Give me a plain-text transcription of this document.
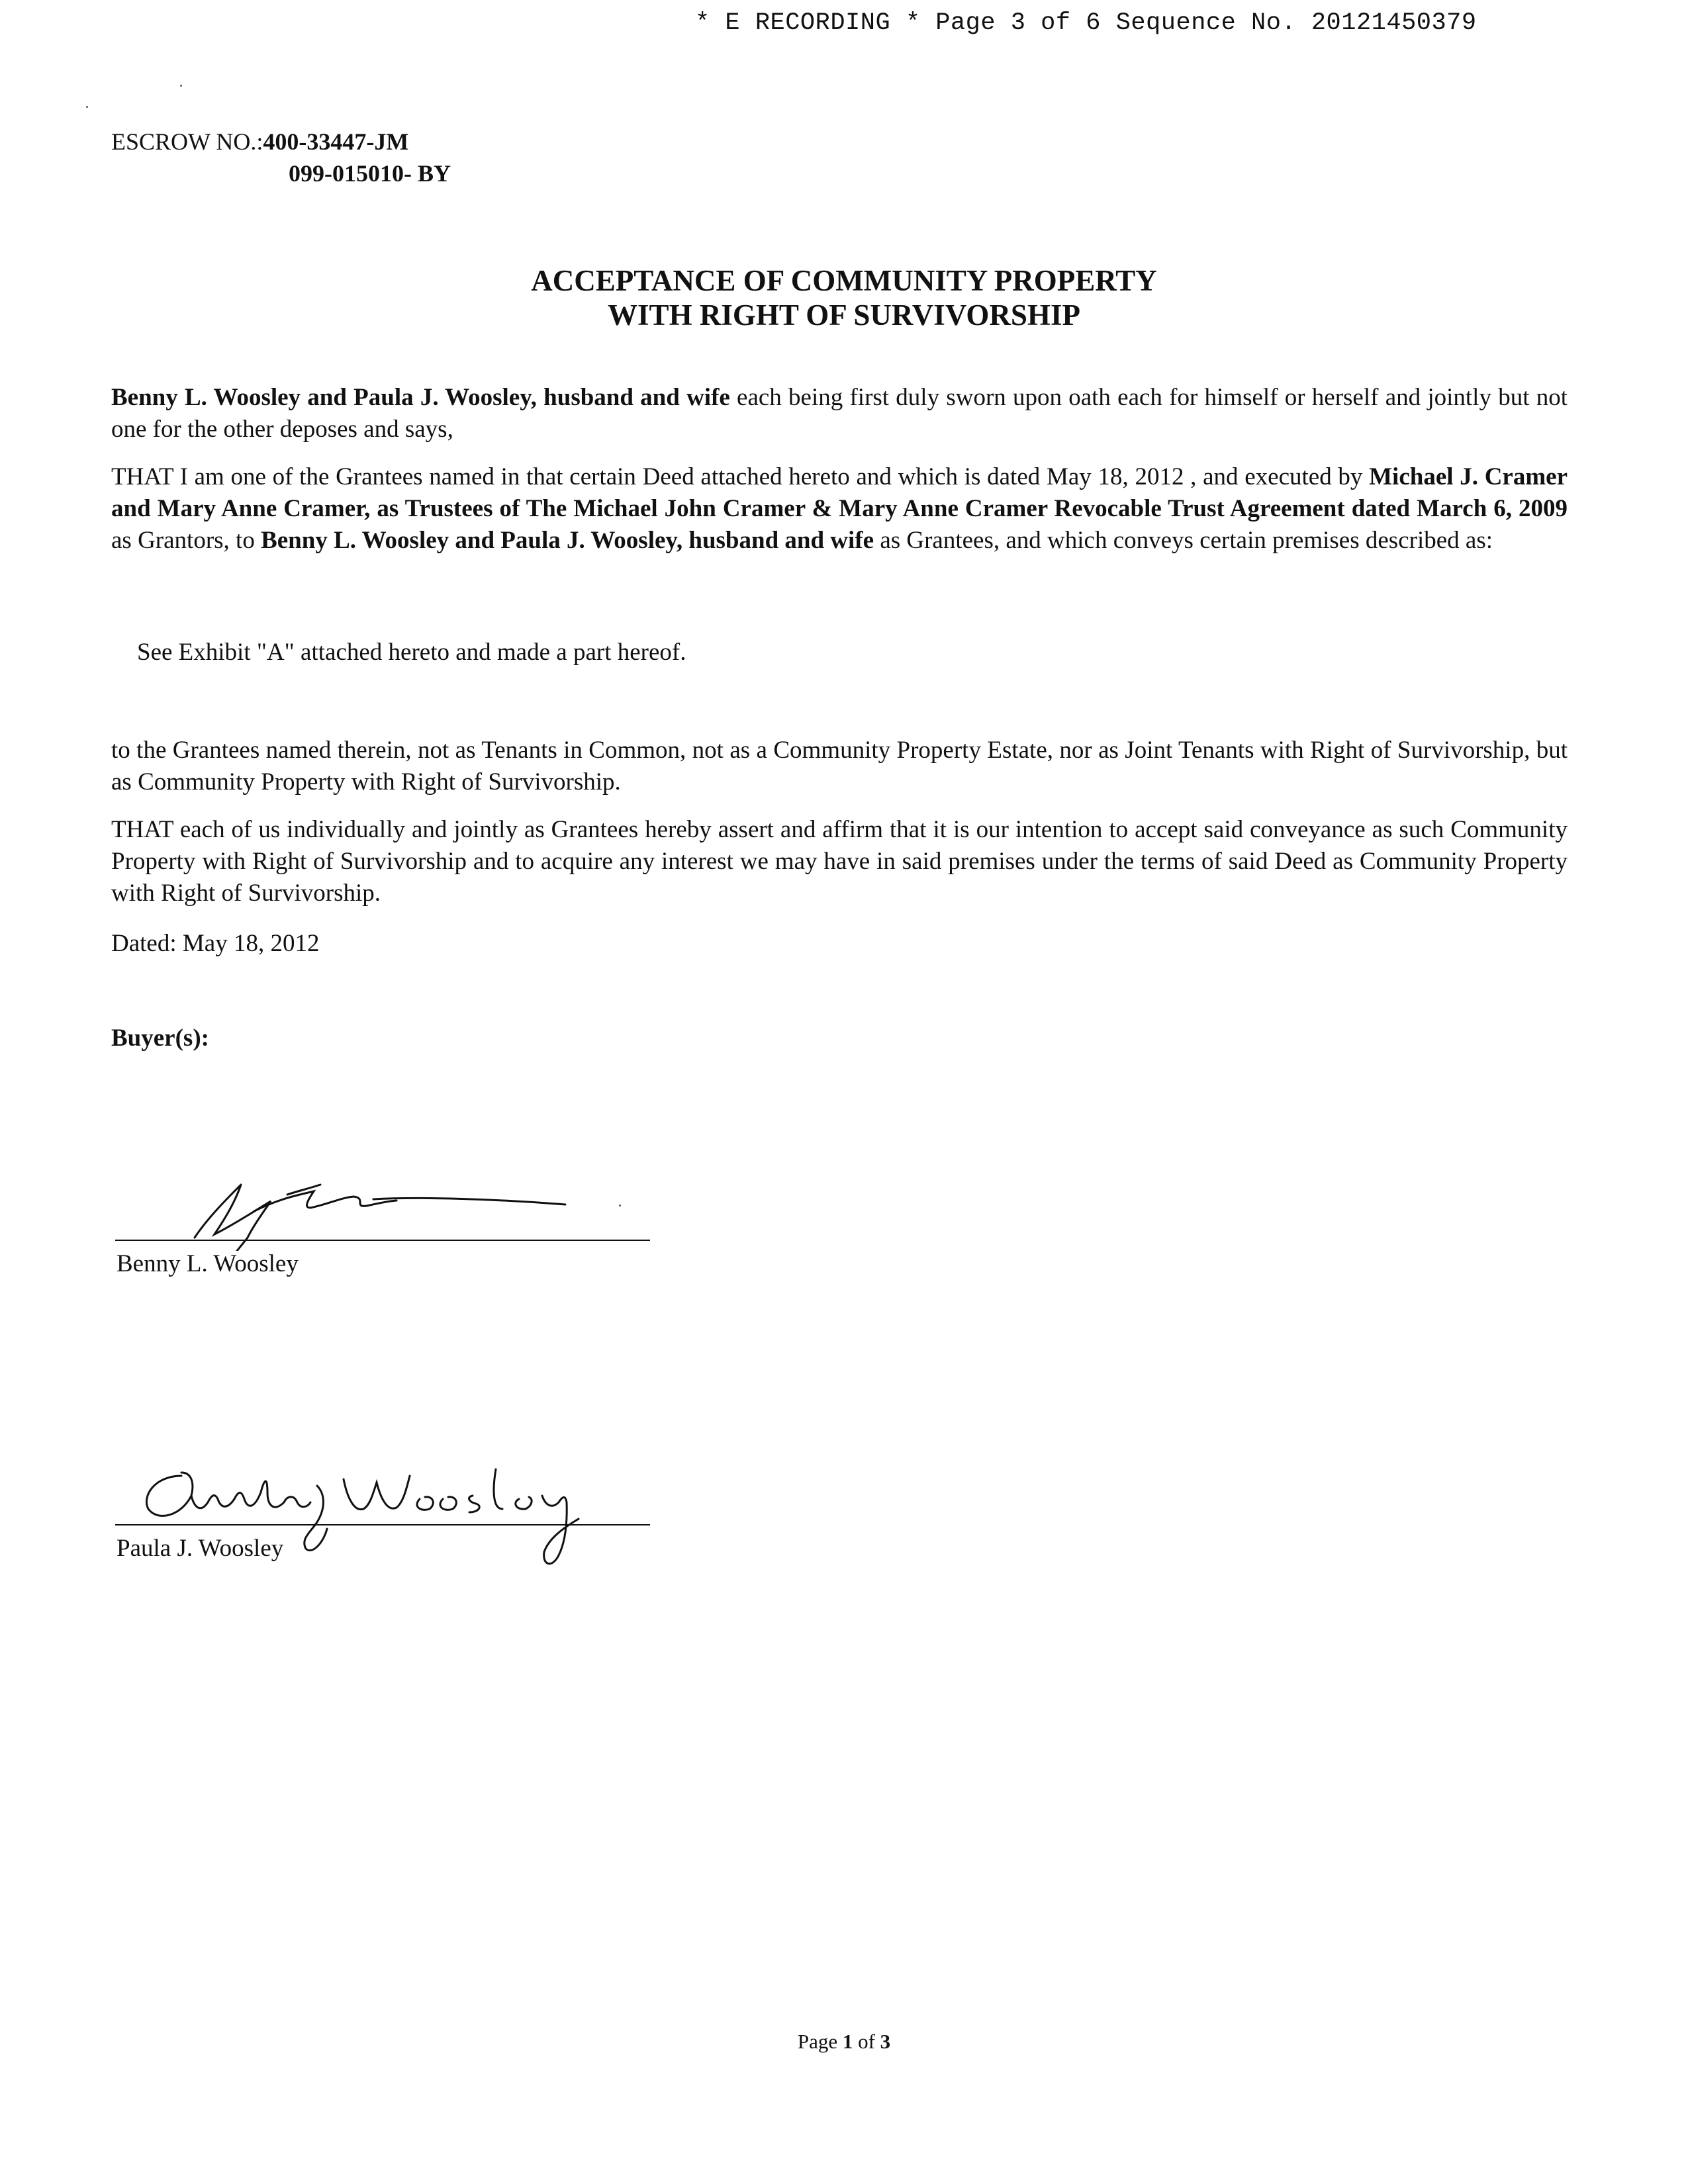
* E RECORDING * Page 3 of 6 Sequence No. 20121450379
ESCROW NO.:400-33447-JM
099-015010- BY
ACCEPTANCE OF COMMUNITY PROPERTY
WITH RIGHT OF SURVIVORSHIP
Benny L. Woosley and Paula J. Woosley, husband and wife each being first duly sworn upon oath each for himself or herself and jointly but not one for the other deposes and says,
THAT I am one of the Grantees named in that certain Deed attached hereto and which is dated May 18, 2012 , and executed by Michael J. Cramer and Mary Anne Cramer, as Trustees of The Michael John Cramer & Mary Anne Cramer Revocable Trust Agreement dated March 6, 2009 as Grantors, to Benny L. Woosley and Paula J. Woosley, husband and wife as Grantees, and which conveys certain premises described as:
See Exhibit "A" attached hereto and made a part hereof.
to the Grantees named therein, not as Tenants in Common, not as a Community Property Estate, nor as Joint Tenants with Right of Survivorship, but as Community Property with Right of Survivorship.
THAT each of us individually and jointly as Grantees hereby assert and affirm that it is our intention to accept said conveyance as such Community Property with Right of Survivorship and to acquire any interest we may have in said premises under the terms of said Deed as Community Property with Right of Survivorship.
Dated: May 18, 2012
Buyer(s):
Benny L. Woosley
Paula J. Woosley
Page 1 of 3
